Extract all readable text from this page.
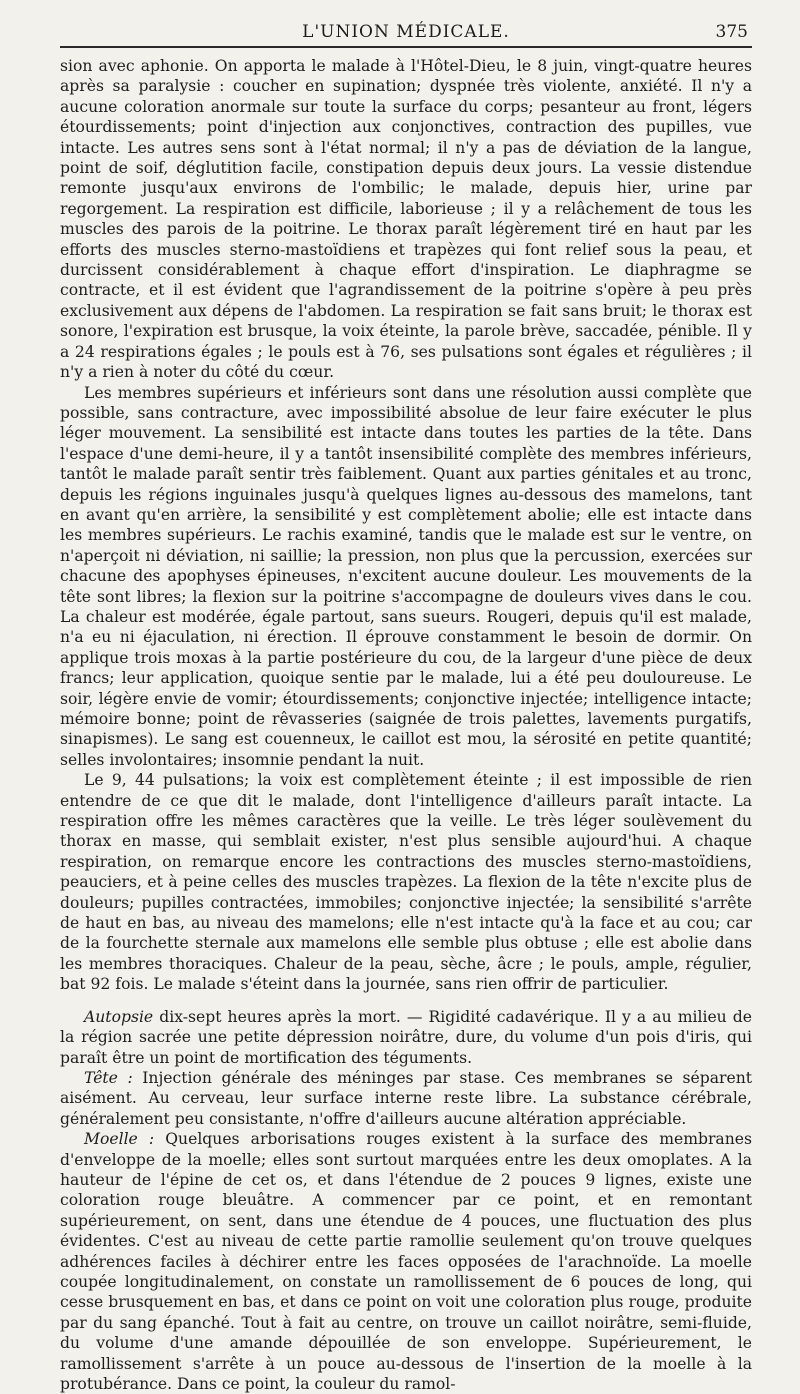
L'UNION MÉDICALE.	375

sion avec aphonie. On apporta le malade à l'Hôtel-Dieu, le 8 juin, vingt-quatre heures après sa paralysie : coucher en supination; dyspnée très violente, anxiété. Il n'y a aucune coloration anormale sur toute la surface du corps; pesanteur au front, légers étourdissements; point d'injection aux conjonctives, contraction des pupilles, vue intacte. Les autres sens sont à l'état normal; il n'y a pas de déviation de la langue, point de soif, déglutition facile, constipation depuis deux jours. La vessie distendue remonte jusqu'aux environs de l'ombilic; le malade, depuis hier, urine par regorgement. La respiration est difficile, laborieuse ; il y a relâchement de tous les muscles des parois de la poitrine. Le thorax paraît légèrement tiré en haut par les efforts des muscles sterno-mastoïdiens et trapèzes qui font relief sous la peau, et durcissent considérablement à chaque effort d'inspiration. Le diaphragme se contracte, et il est évident que l'agrandissement de la poitrine s'opère à peu près exclusivement aux dépens de l'abdomen. La respiration se fait sans bruit; le thorax est sonore, l'expiration est brusque, la voix éteinte, la parole brève, saccadée, pénible. Il y a 24 respirations égales ; le pouls est à 76, ses pulsations sont égales et régulières ; il n'y a rien à noter du côté du cœur.

Les membres supérieurs et inférieurs sont dans une résolution aussi complète que possible, sans contracture, avec impossibilité absolue de leur faire exécuter le plus léger mouvement. La sensibilité est intacte dans toutes les parties de la tête. Dans l'espace d'une demi-heure, il y a tantôt insensibilité complète des membres inférieurs, tantôt le malade paraît sentir très faiblement. Quant aux parties génitales et au tronc, depuis les régions inguinales jusqu'à quelques lignes au-dessous des mamelons, tant en avant qu'en arrière, la sensibilité y est complètement abolie; elle est intacte dans les membres supérieurs. Le rachis examiné, tandis que le malade est sur le ventre, on n'aperçoit ni déviation, ni saillie; la pression, non plus que la percussion, exercées sur chacune des apophyses épineuses, n'excitent aucune douleur. Les mouvements de la tête sont libres; la flexion sur la poitrine s'accompagne de douleurs vives dans le cou. La chaleur est modérée, égale partout, sans sueurs. Rougeri, depuis qu'il est malade, n'a eu ni éjaculation, ni érection. Il éprouve constamment le besoin de dormir. On applique trois moxas à la partie postérieure du cou, de la largeur d'une pièce de deux francs; leur application, quoique sentie par le malade, lui a été peu douloureuse. Le soir, légère envie de vomir; étourdissements; conjonctive injectée; intelligence intacte; mémoire bonne; point de rêvasseries (saignée de trois palettes, lavements purgatifs, sinapismes). Le sang est couenneux, le caillot est mou, la sérosité en petite quantité; selles involontaires; insomnie pendant la nuit.

Le 9, 44 pulsations; la voix est complètement éteinte ; il est impossible de rien entendre de ce que dit le malade, dont l'intelligence d'ailleurs paraît intacte. La respiration offre les mêmes caractères que la veille. Le très léger soulèvement du thorax en masse, qui semblait exister, n'est plus sensible aujourd'hui. A chaque respiration, on remarque encore les contractions des muscles sterno-mastoïdiens, peauciers, et à peine celles des muscles trapèzes. La flexion de la tête n'excite plus de douleurs; pupilles contractées, immobiles; conjonctive injectée; la sensibilité s'arrête de haut en bas, au niveau des mamelons; elle n'est intacte qu'à la face et au cou; car de la fourchette sternale aux mamelons elle semble plus obtuse ; elle est abolie dans les membres thoraciques. Chaleur de la peau, sèche, âcre ; le pouls, ample, régulier, bat 92 fois. Le malade s'éteint dans la journée, sans rien offrir de particulier.

Autopsie dix-sept heures après la mort. — Rigidité cadavérique. Il y a au milieu de la région sacrée une petite dépression noirâtre, dure, du volume d'un pois d'iris, qui paraît être un point de mortification des téguments.

Tête : Injection générale des méninges par stase. Ces membranes se séparent aisément. Au cerveau, leur surface interne reste libre. La substance cérébrale, généralement peu consistante, n'offre d'ailleurs aucune altération appréciable.

Moelle : Quelques arborisations rouges existent à la surface des membranes d'enveloppe de la moelle; elles sont surtout marquées entre les deux omoplates. A la hauteur de l'épine de cet os, et dans l'étendue de 2 pouces 9 lignes, existe une coloration rouge bleuâtre. A commencer par ce point, et en remontant supérieurement, on sent, dans une étendue de 4 pouces, une fluctuation des plus évidentes. C'est au niveau de cette partie ramollie seulement qu'on trouve quelques adhérences faciles à déchirer entre les faces opposées de l'arachnoïde. La moelle coupée longitudinalement, on constate un ramollissement de 6 pouces de long, qui cesse brusquement en bas, et dans ce point on voit une coloration plus rouge, produite par du sang épanché. Tout à fait au centre, on trouve un caillot noirâtre, semi-fluide, du volume d'une amande dépouillée de son enveloppe. Supérieurement, le ramollissement s'arrête à un pouce au-dessous de l'insertion de la moelle à la protubérance. Dans ce point, la couleur du ramol-
